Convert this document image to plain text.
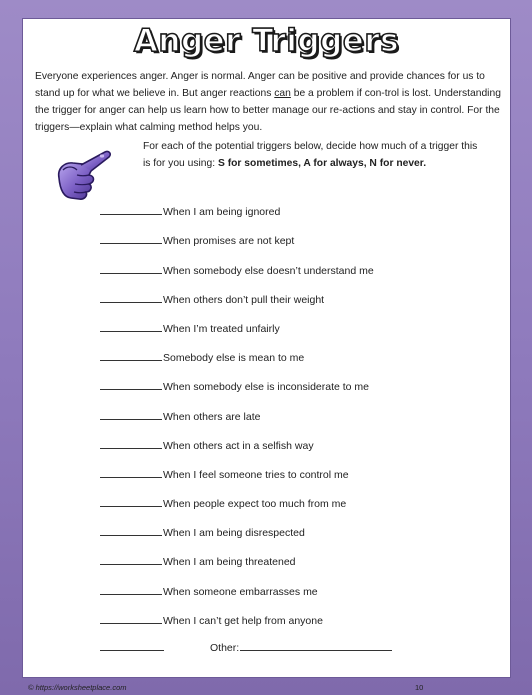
Anger Triggers

Everyone experiences anger. Anger is normal. Anger can be positive and provide chances for us to stand up for what we believe in. But anger reactions can be a problem if con-trol is lost. Understanding the trigger for anger can help us learn how to better manage our re-actions and stay in control. For the triggers—explain what calming method helps you.

For each of the potential triggers below, decide how much of a trigger this is for you using: S for sometimes, A for always, N for never.

When I am being ignored
When promises are not kept
When somebody else doesn’t understand me
When others don’t pull their weight
When I’m treated unfairly
Somebody else is mean to me
When somebody else is inconsiderate to me
When others are late
When others act in a selfish way
When I feel someone tries to control me
When people expect too much from me
When I am being disrespected
When I am being threatened
When someone embarrasses me
When I can’t get help from anyone
Other:
© https://worksheetplace.com	10
